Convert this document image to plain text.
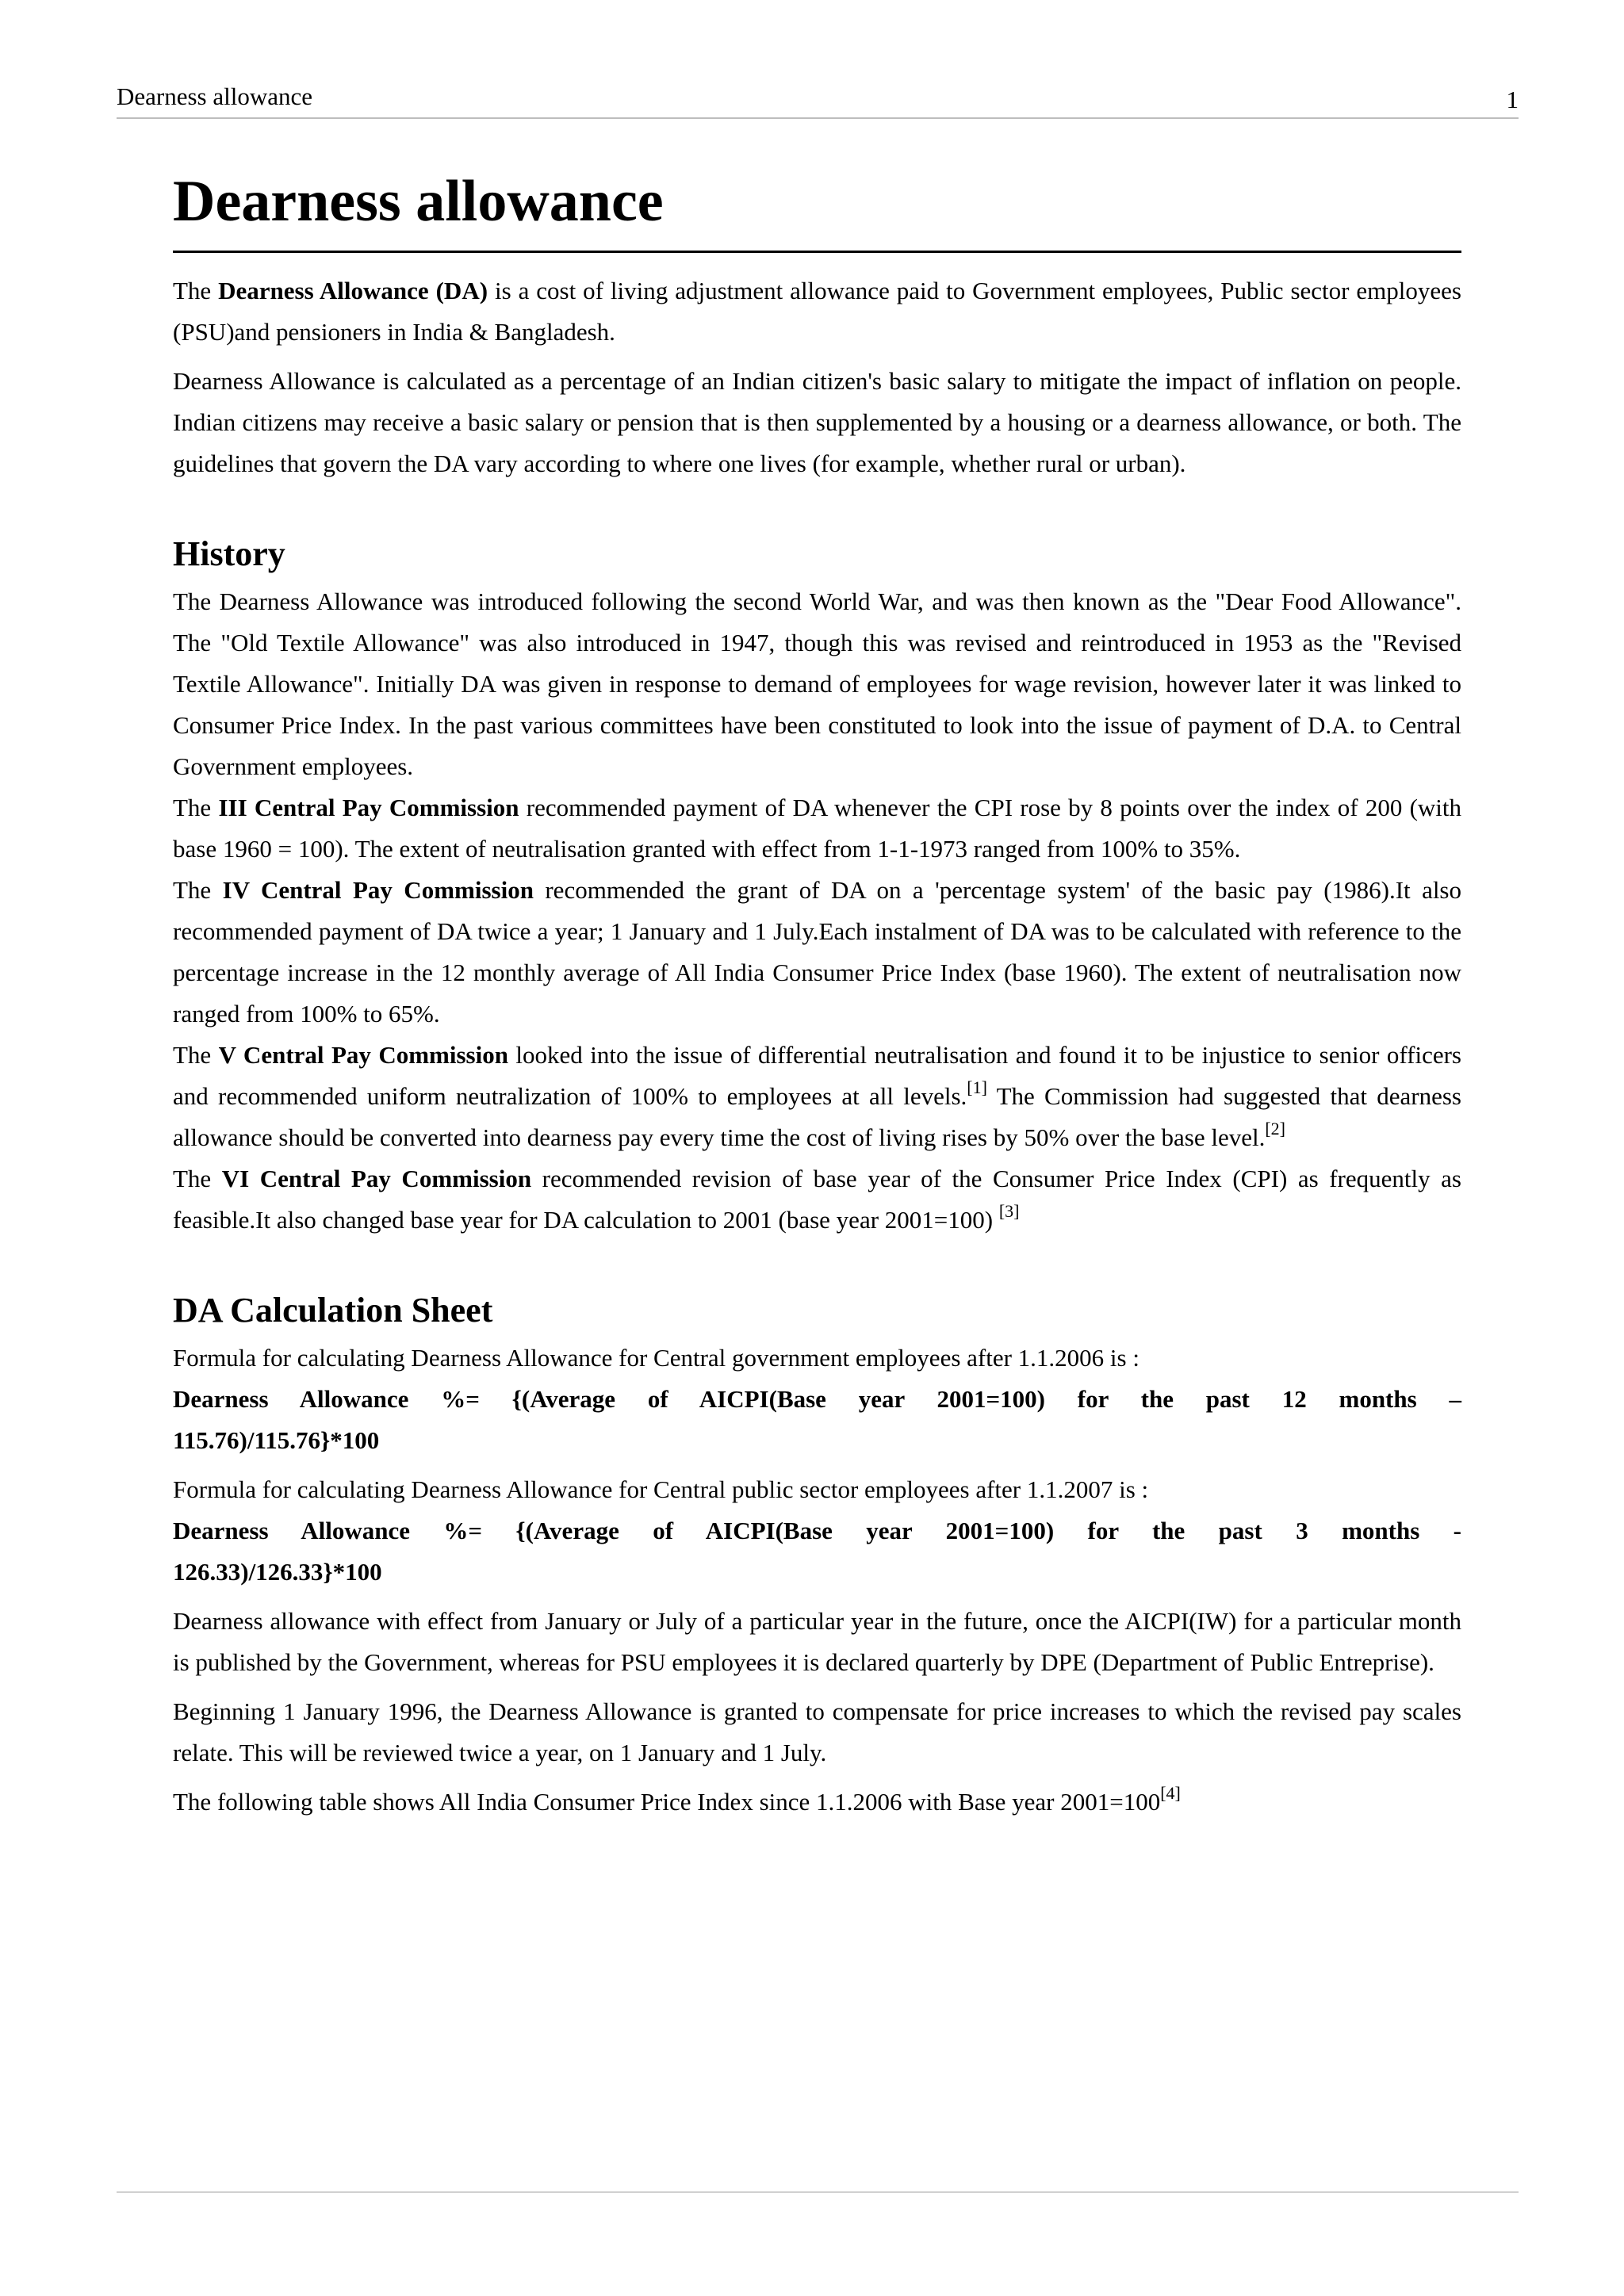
Dearness allowance	1
Dearness allowance

The Dearness Allowance (DA) is a cost of living adjustment allowance paid to Government employees, Public sector employees (PSU)and pensioners in India & Bangladesh.

Dearness Allowance is calculated as a percentage of an Indian citizen's basic salary to mitigate the impact of inflation on people. Indian citizens may receive a basic salary or pension that is then supplemented by a housing or a dearness allowance, or both. The guidelines that govern the DA vary according to where one lives (for example, whether rural or urban).

History

The Dearness Allowance was introduced following the second World War, and was then known as the "Dear Food Allowance". The "Old Textile Allowance" was also introduced in 1947, though this was revised and reintroduced in 1953 as the "Revised Textile Allowance". Initially DA was given in response to demand of employees for wage revision, however later it was linked to Consumer Price Index. In the past various committees have been constituted to look into the issue of payment of D.A. to Central Government employees.

The III Central Pay Commission recommended payment of DA whenever the CPI rose by 8 points over the index of 200 (with base 1960 = 100). The extent of neutralisation granted with effect from 1-1-1973 ranged from 100% to 35%.

The IV Central Pay Commission recommended the grant of DA on a 'percentage system' of the basic pay (1986).It also recommended payment of DA twice a year; 1 January and 1 July.Each instalment of DA was to be calculated with reference to the percentage increase in the 12 monthly average of All India Consumer Price Index (base 1960). The extent of neutralisation now ranged from 100% to 65%.

The V Central Pay Commission looked into the issue of differential neutralisation and found it to be injustice to senior officers and recommended uniform neutralization of 100% to employees at all levels.[1] The Commission had suggested that dearness allowance should be converted into dearness pay every time the cost of living rises by 50% over the base level.[2]

The VI Central Pay Commission recommended revision of base year of the Consumer Price Index (CPI) as frequently as feasible.It also changed base year for DA calculation to 2001 (base year 2001=100) [3]

DA Calculation Sheet

Formula for calculating Dearness Allowance for Central government employees after 1.1.2006 is :

Dearness Allowance %= {(Average of AICPI(Base year 2001=100) for the past 12 months –
115.76)/115.76}*100

Formula for calculating Dearness Allowance for Central public sector employees after 1.1.2007 is :

Dearness Allowance %= {(Average of AICPI(Base year 2001=100) for the past 3 months -
126.33)/126.33}*100

Dearness allowance with effect from January or July of a particular year in the future, once the AICPI(IW) for a particular month is published by the Government, whereas for PSU employees it is declared quarterly by DPE (Department of Public Entreprise).

Beginning 1 January 1996, the Dearness Allowance is granted to compensate for price increases to which the revised pay scales relate. This will be reviewed twice a year, on 1 January and 1 July.

The following table shows All India Consumer Price Index since 1.1.2006 with Base year 2001=100[4]
